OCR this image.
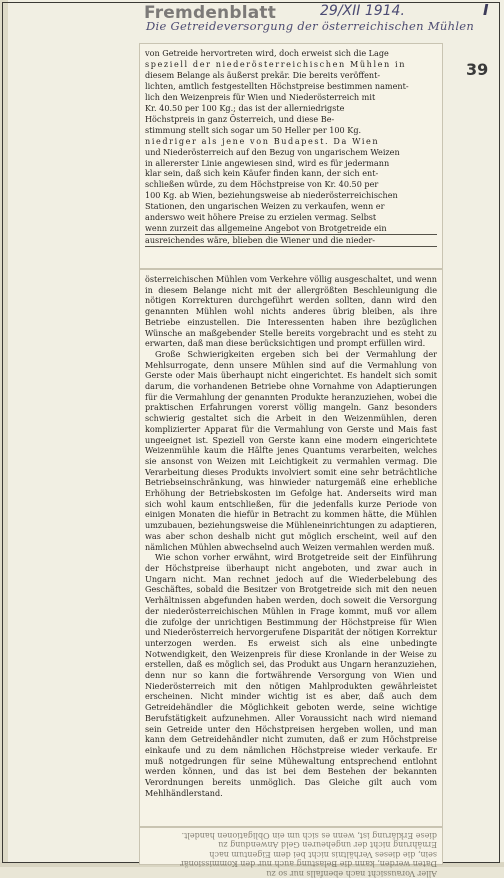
Fremdenblatt	29/XII 1914.	I
Die Getreideversorgung der österreichischen Mühlen
39

von Getreide hervortreten wird, doch erweist sich die Lage

speziell der niederösterreichischen Mühlen in

diesem Belange als äußerst prekär. Die bereits veröffent-

lichten, amtlich festgestellten Höchstpreise bestimmen nament-

lich den Weizenpreis für Wien und Niederösterreich mit

Kr. 40.50 per 100 Kg.; das ist der allerniedrigste

Höchstpreis in ganz Österreich, und diese Be-

stimmung stellt sich sogar um 50 Heller per 100 Kg.

niedriger als jene von Budapest. Da Wien

und Niederösterreich auf den Bezug von ungarischem Weizen

in allererster Linie angewiesen sind, wird es für jedermann

klar sein, daß sich kein Käufer finden kann, der sich ent-

schließen würde, zu dem Höchstpreise von Kr. 40.50 per

100 Kg. ab Wien, beziehungsweise ab niederösterreichischen

Stationen, den ungarischen Weizen zu verkaufen, wenn er

anderswo weit höhere Preise zu erzielen vermag. Selbst

wenn zurzeit das allgemeine Angebot von Brotgetreide ein

ausreichendes wäre, blieben die Wiener und die nieder-

österreichischen Mühlen vom Verkehre völlig ausgeschaltet, und wenn in diesem Belange nicht mit der allergrößten Beschleunigung die nötigen Korrekturen durchgeführt werden sollten, dann wird den genannten Mühlen wohl nichts anderes übrig bleiben, als ihre Betriebe einzustellen. Die Interessenten haben ihre bezüglichen Wünsche an maßgebender Stelle bereits vorgebracht und es steht zu erwarten, daß man diese berücksichtigen und prompt erfüllen wird.

Große Schwierigkeiten ergeben sich bei der Vermahlung der Mehlsurrogate, denn unsere Mühlen sind auf die Vermahlung von Gerste oder Mais überhaupt nicht eingerichtet. Es handelt sich somit darum, die vorhandenen Betriebe ohne Vornahme von Adaptierungen für die Vermahlung der genannten Produkte heranzuziehen, wobei die praktischen Erfahrungen vorerst völlig mangeln. Ganz besonders schwierig gestaltet sich die Arbeit in den Weizenmühlen, deren komplizierter Apparat für die Vermahlung von Gerste und Mais fast ungeeignet ist. Speziell von Gerste kann eine modern eingerichtete Weizenmühle kaum die Hälfte jenes Quantums verarbeiten, welches sie ansonst von Weizen mit Leichtigkeit zu vermahlen vermag. Die Verarbeitung dieses Produkts involviert somit eine sehr beträchtliche Betriebseinschränkung, was hinwieder naturgemäß eine erhebliche Erhöhung der Betriebskosten im Gefolge hat. Anderseits wird man sich wohl kaum entschließen, für die jedenfalls kurze Periode von einigen Monaten die hiefür in Betracht zu kommen hätte, die Mühlen umzubauen, beziehungsweise die Mühleneinrichtungen zu adaptieren, was aber schon deshalb nicht gut möglich erscheint, weil auf den nämlichen Mühlen abwechselnd auch Weizen vermahlen werden muß.

Wie schon vorher erwähnt, wird Brotgetreide seit der Einführung der Höchstpreise überhaupt nicht angeboten, und zwar auch in Ungarn nicht. Man rechnet jedoch auf die Wiederbelebung des Geschäftes, sobald die Besitzer von Brotgetreide sich mit den neuen Verhältnissen abgefunden haben werden, doch soweit die Versorgung der niederösterreichischen Mühlen in Frage kommt, muß vor allem die zufolge der unrichtigen Bestimmung der Höchstpreise für Wien und Niederösterreich hervorgerufene Disparität der nötigen Korrektur unterzogen werden. Es erweist sich als eine unbedingte Notwendigkeit, den Weizenpreis für diese Kronlande in der Weise zu erstellen, daß es möglich sei, das Produkt aus Ungarn heranzuziehen, denn nur so kann die fortwährende Versorgung von Wien und Niederösterreich mit den nötigen Mahlprodukten gewährleistet erscheinen. Nicht minder wichtig ist es aber, daß auch dem Getreidehändler die Möglichkeit geboten werde, seine wichtige Berufstätigkeit aufzunehmen. Aller Voraussicht nach wird niemand sein Getreide unter den Höchstpreisen hergeben wollen, und man kann dem Getreidehändler nicht zumuten, daß er zum Höchstpreise einkaufe und zu dem nämlichen Höchstpreise wieder verkaufe. Er muß notgedrungen für seine Mühewaltung entsprechend entlohnt werden können, und das ist bei dem Bestehen der bekannten Verordnungen bereits unmöglich. Das Gleiche gilt auch vom Mehlhändlerstand.

Aller Voraussicht nach ebenfalls nur so zu
Daten werden, kann die Belastung auch nur den Kommissionär
sein, die dieses Verhältnis nicht bei dem Eigentum nach
Ernährung nicht der ungeheuren Geld Anwendung zu
diese Erklärung ist, wenn es sich um ein Obligationen handelt.
